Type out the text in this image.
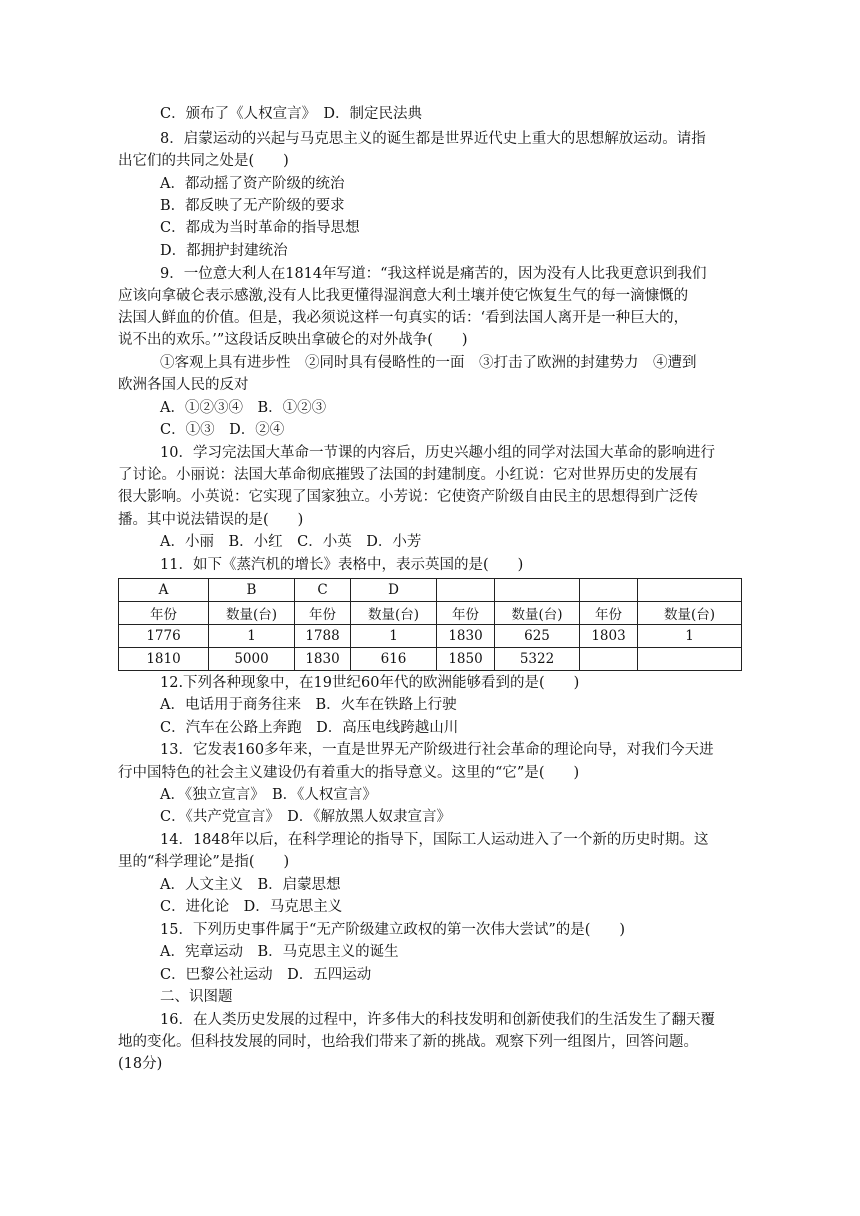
C．颁布了《人权宣言》　D．制定民法典
8．启蒙运动的兴起与马克思主义的诞生都是世界近代史上重大的思想解放运动。请指
出它们的共同之处是(　　)
A．都动摇了资产阶级的统治
B．都反映了无产阶级的要求
C．都成为当时革命的指导思想
D．都拥护封建统治
9．一位意大利人在1814年写道：“我这样说是痛苦的，因为没有人比我更意识到我们
应该向拿破仑表示感激,没有人比我更懂得湿润意大利土壤并使它恢复生气的每一滴慷慨的
法国人鲜血的价值。但是，我必须说这样一句真实的话：‘看到法国人离开是一种巨大的，
说不出的欢乐。’”这段话反映出拿破仑的对外战争(　　)
①客观上具有进步性　②同时具有侵略性的一面　③打击了欧洲的封建势力　④遭到
欧洲各国人民的反对
A．①②③④　B．①②③
C．①③　D．②④
10．学习完法国大革命一节课的内容后，历史兴趣小组的同学对法国大革命的影响进行
了讨论。小丽说：法国大革命彻底摧毁了法国的封建制度。小红说：它对世界历史的发展有
很大影响。小英说：它实现了国家独立。小芳说：它使资产阶级自由民主的思想得到广泛传
播。其中说法错误的是(　　)
A．小丽　B．小红　C．小英　D．小芳
11．如下《蒸汽机的增长》表格中，表示英国的是(　　)
A	B	C	D				
年份	数量(台)	年份	数量(台)	年份	数量(台)	年份	数量(台)
1776	1	1788	1	1830	625	1803	1
1810	5000	1830	616	1850	5322		
12.下列各种现象中，在19世纪60年代的欧洲能够看到的是(　　)
A．电话用于商务往来　B．火车在铁路上行驶
C．汽车在公路上奔跑　D．高压电线跨越山川
13．它发表160多年来，一直是世界无产阶级进行社会革命的理论向导，对我们今天进
行中国特色的社会主义建设仍有着重大的指导意义。这里的“它”是(　　)
A．《独立宣言》　B．《人权宣言》
C．《共产党宣言》　D．《解放黑人奴隶宣言》
14．1848年以后，在科学理论的指导下，国际工人运动进入了一个新的历史时期。这
里的“科学理论”是指(　　)
A．人文主义　B．启蒙思想
C．进化论　D．马克思主义
15．下列历史事件属于“无产阶级建立政权的第一次伟大尝试”的是(　　)
A．宪章运动　B．马克思主义的诞生
C．巴黎公社运动　D．五四运动
二、识图题
16．在人类历史发展的过程中，许多伟大的科技发明和创新使我们的生活发生了翻天覆
地的变化。但科技发展的同时，也给我们带来了新的挑战。观察下列一组图片，回答问题。
(18分)
